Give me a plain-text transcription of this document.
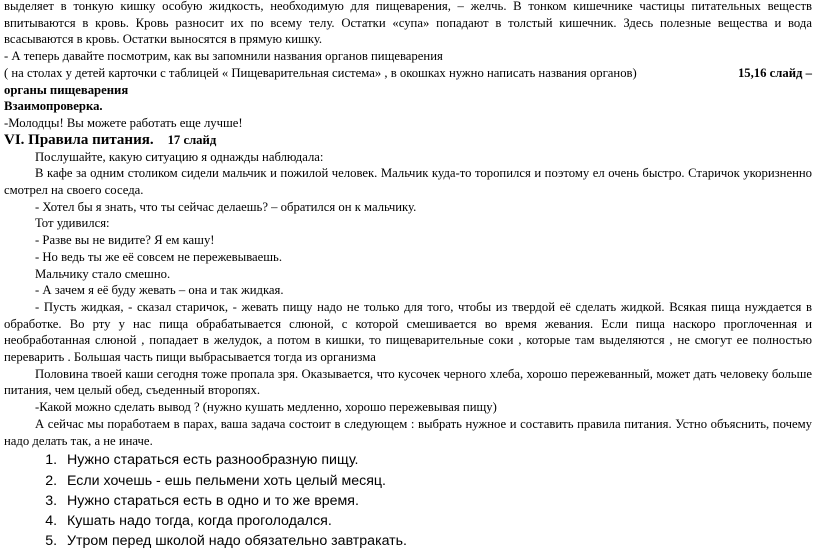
выделяет в тонкую кишку особую жидкость, необходимую для пищеварения, – желчь. В тонком кишечнике частицы питательных веществ впитываются в кровь. Кровь разносит их по всему телу. Остатки «супа» попадают в толстый кишечник. Здесь полезные вещества и вода всасываются в кровь. Остатки выносятся в прямую кишку.

- А теперь давайте посмотрим, как вы запомнили названия органов пищеварения

( на столах у детей карточки с таблицей « Пищеварительная система» , в окошках нужно написать названия органов)	15,16 слайд –

органы пищеварения

Взаимопроверка.

-Молодцы! Вы можете работать еще лучше!

VI. Правила питания. 17 слайд

Послушайте, какую ситуацию я однажды наблюдала:

В кафе за одним столиком сидели мальчик и пожилой человек. Мальчик куда-то торопился и поэтому ел очень быстро. Старичок укоризненно смотрел на своего соседа.

- Хотел бы я знать, что ты сейчас делаешь? – обратился он к мальчику.

Тот удивился:

- Разве вы не видите? Я ем кашу!

- Но ведь ты же её совсем не пережевываешь.

Мальчику стало смешно.

- А зачем я её буду жевать – она и так жидкая.

- Пусть жидкая, - сказал старичок, - жевать пищу надо не только для того, чтобы из твердой её сделать жидкой. Всякая пища нуждается в обработке. Во рту у нас пища обрабатывается слюной, с которой смешивается во время жевания. Если пища наскоро проглоченная и необработанная слюной , попадает в желудок, а потом в кишки, то пищеварительные соки , которые там выделяются , не смогут ее полностью переварить . Большая часть пищи выбрасывается тогда из организма

Половина твоей каши сегодня тоже пропала зря. Оказывается, что кусочек черного хлеба, хорошо пережеванный, может дать человеку больше питания, чем целый обед, съеденный второпях.

-Какой можно сделать вывод ? (нужно кушать медленно, хорошо пережевывая пищу)

А сейчас мы поработаем в парах, ваша задача состоит в следующем : выбрать нужное и составить правила питания. Устно объяснить, почему надо делать так, а не иначе.

1. Нужно стараться есть разнообразную пищу.
2. Если хочешь - ешь пельмени хоть целый месяц.
3. Нужно стараться есть в одно и то же время.
4. Кушать надо тогда, когда проголодался.
5. Утром перед школой надо обязательно завтракать.
